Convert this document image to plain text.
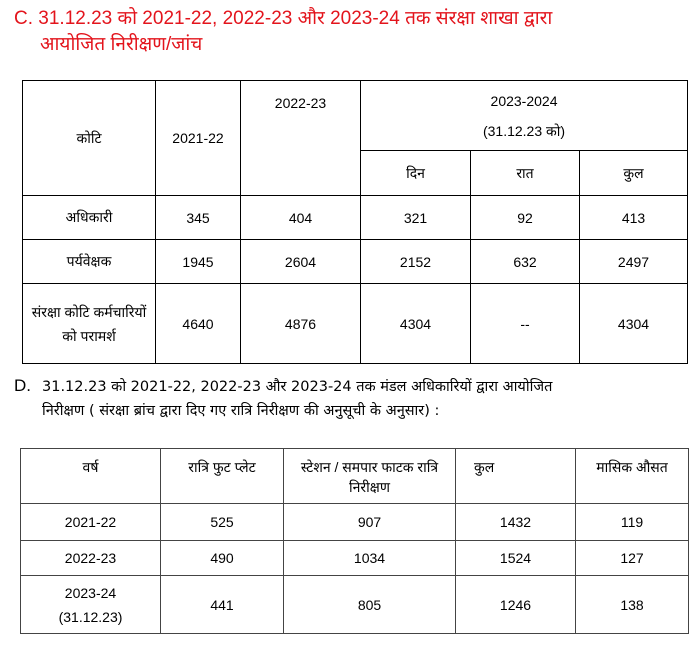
C. 31.12.23 को 2021-22, 2022-23 और 2023-24 तक संरक्षा शाखा द्वारा
आयोजित निरीक्षण/जांच
कोटि	2021-22	2022-23	2023-2024
(31.12.23 को)		

			दिन	रात	कुल
अधिकारी	345	404	321	92	413
पर्यवेक्षक	1945	2604	2152	632	2497
संरक्षा कोटि कर्मचारियों को परामर्श	4640	4876	4304	--	4304
D. 31.12.23 को 2021-22, 2022-23 और 2023-24 तक मंडल अधिकारियों द्वारा आयोजित
निरीक्षण ( संरक्षा ब्रांच द्वारा दिए गए रात्रि निरीक्षण की अनुसूची के अनुसार) :
वर्ष	रात्रि फुट प्लेट	स्टेशन / समपार फाटक रात्रि निरीक्षण	कुल	मासिक औसत
2021-22	525	907	1432	119
2022-23	490	1034	1524	127

2023-24
(31.12.23)	441	805	1246	138
